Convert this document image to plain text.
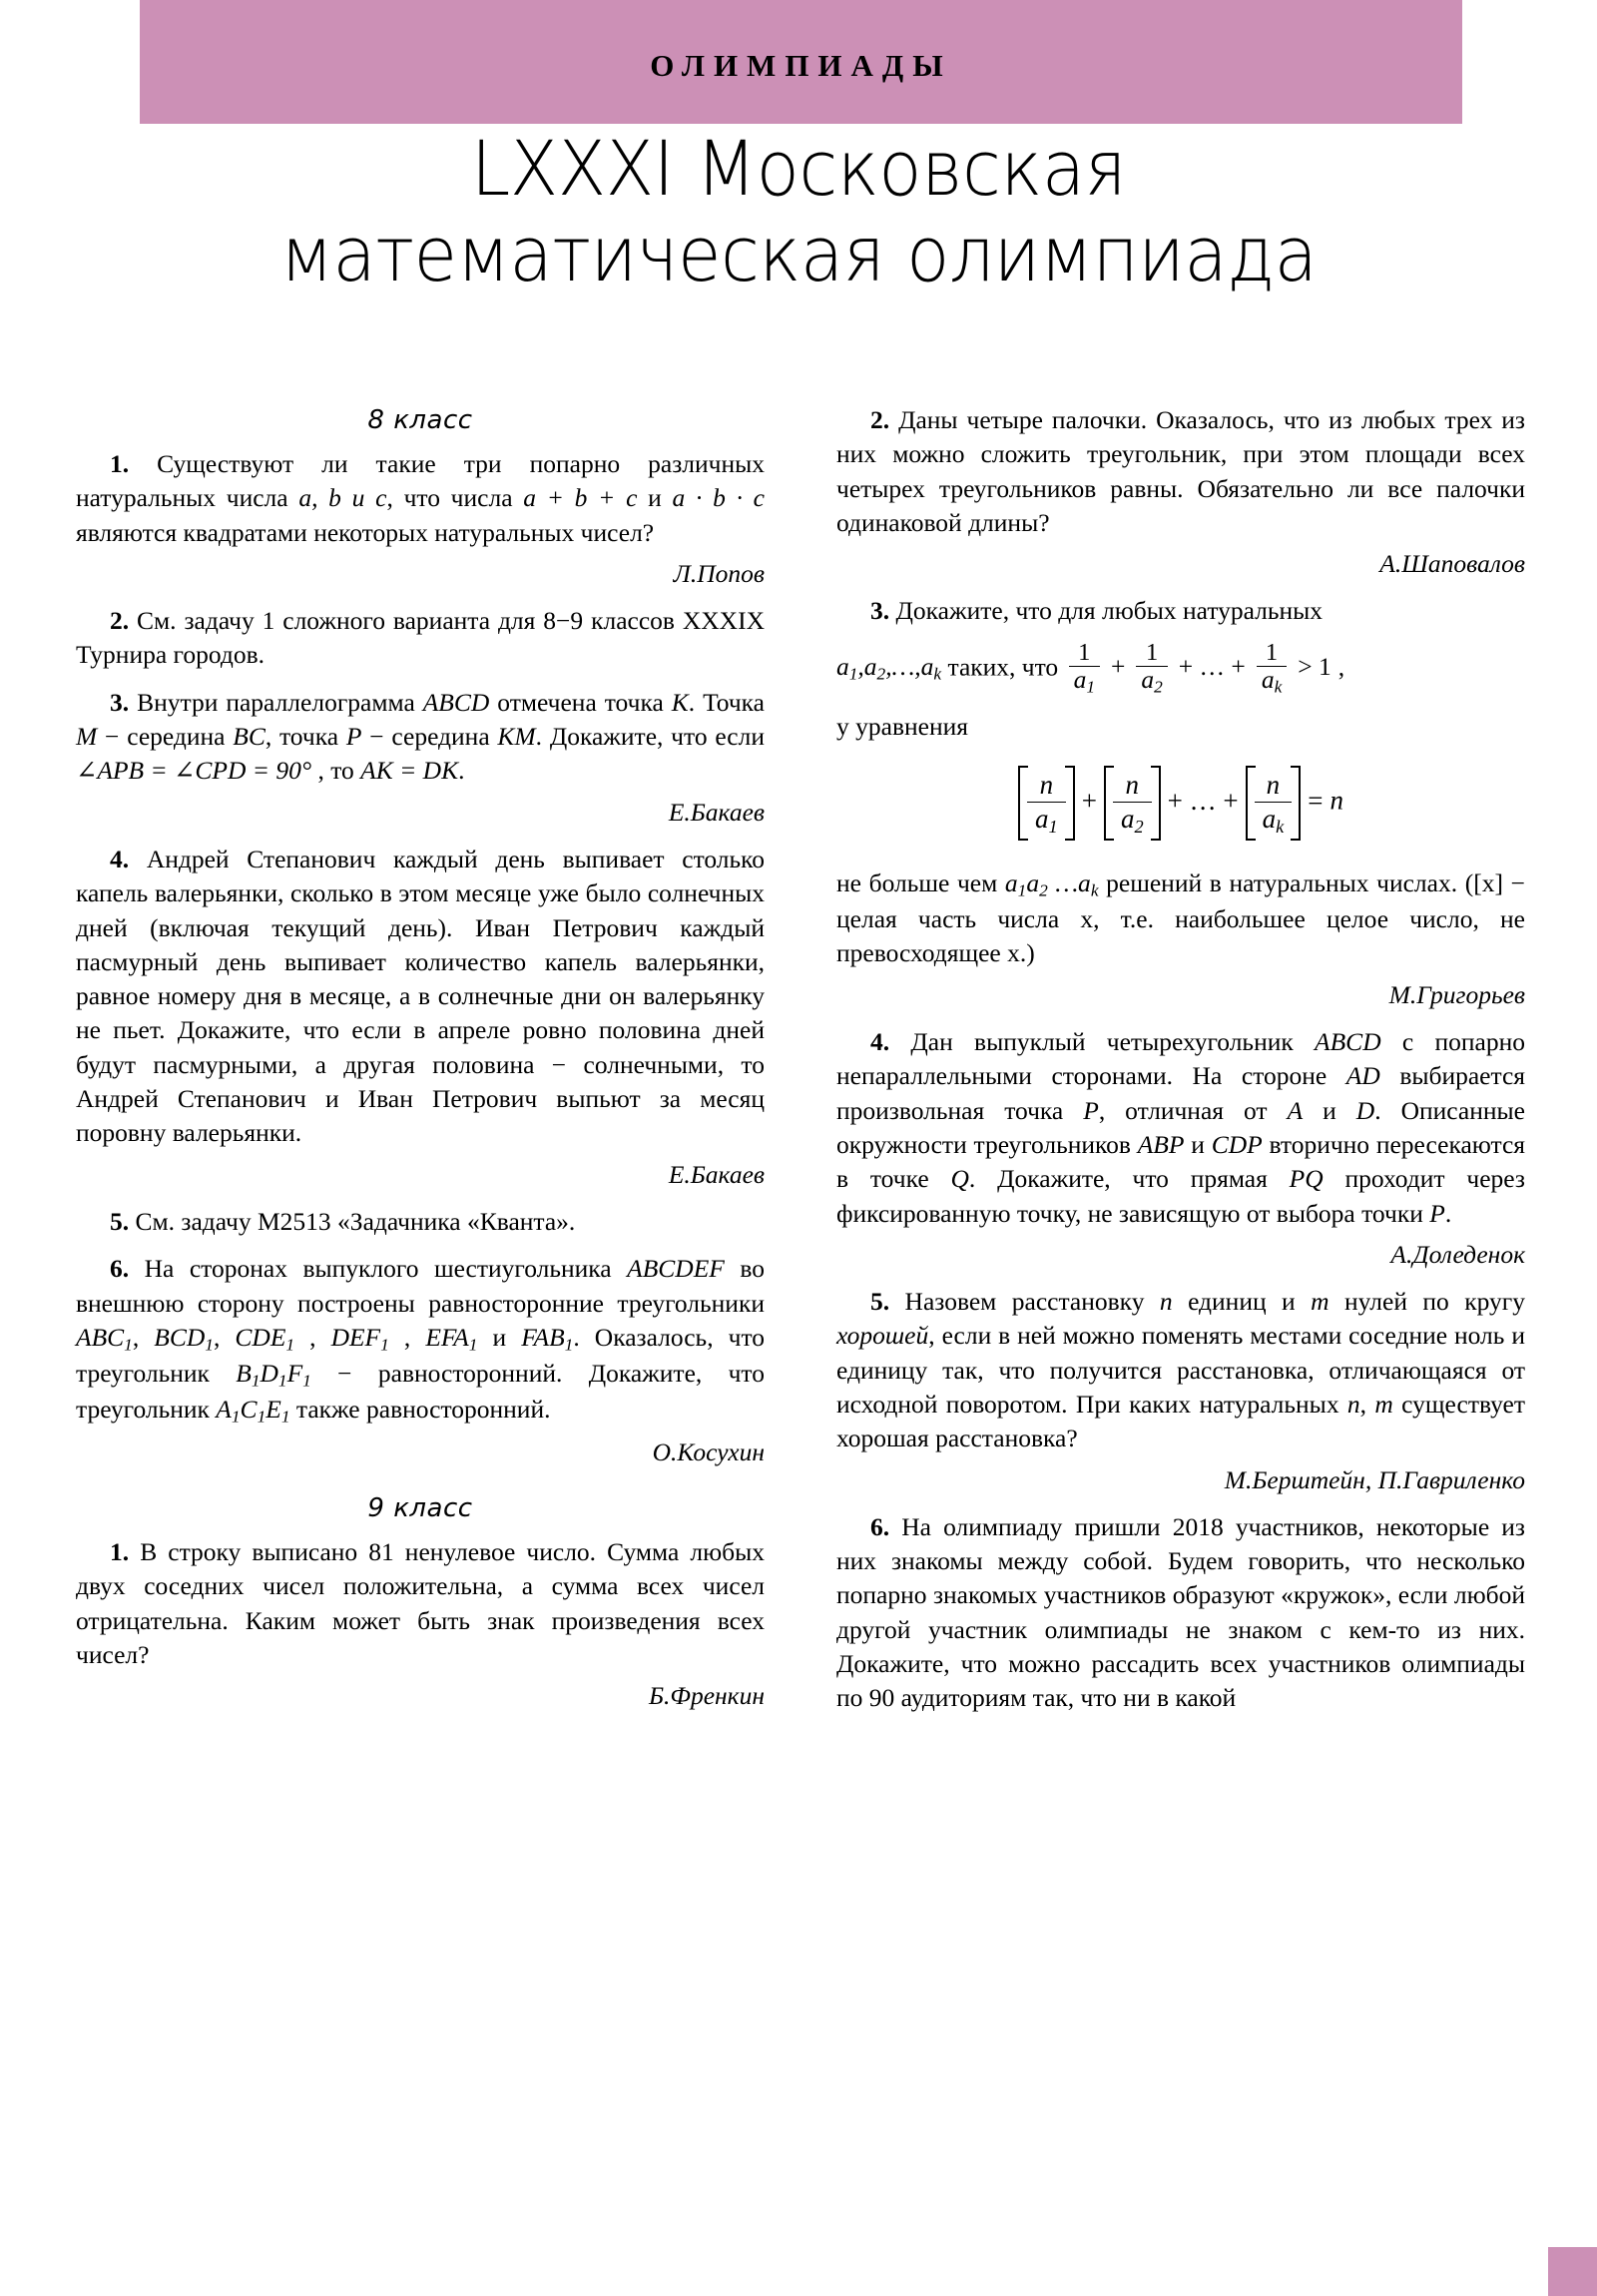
ОЛИМПИАДЫ
LXXXI Московская
математическая олимпиада
8 класс

1. Существуют ли такие три попарно различных натуральных числа a, b и c, что числа a + b + c и a · b · c являются квадратами некоторых натуральных чисел?

Л.Попов

2. См. задачу 1 сложного варианта для 8−9 классов XXXIX Турнира городов.

3. Внутри параллелограмма ABCD отмечена точка K. Точка M − середина BC, точка P − середина KM. Докажите, что если ∠APB = ∠CPD = 90° , то AK = DK.

Е.Бакаев

4. Андрей Степанович каждый день выпивает столько капель валерьянки, сколько в этом месяце уже было солнечных дней (включая текущий день). Иван Петрович каждый пасмурный день выпивает количество капель валерьянки, равное номеру дня в месяце, а в солнечные дни он валерьянку не пьет. Докажите, что если в апреле ровно половина дней будут пасмурными, а другая половина − солнечными, то Андрей Степанович и Иван Петрович выпьют за месяц поровну валерьянки.

Е.Бакаев

5. См. задачу М2513 «Задачника «Кванта».

6. На сторонах выпуклого шестиугольника ABCDEF во внешнюю сторону построены равносторонние треугольники $ABC_1$, $BCD_1$, $CDE_1$ , $DEF_1$ , $EFA_1$ и $FAB_1$. Оказалось, что треугольник $B_1D_1F_1$ − равносторонний. Докажите, что треугольник $A_1C_1E_1$ также равносторонний.

О.Косухин

9 класс

1. В строку выписано 81 ненулевое число. Сумма любых двух соседних чисел положительна, а сумма всех чисел отрицательна. Каким может быть знак произведения всех чисел?

Б.Френкин

2. Даны четыре палочки. Оказалось, что из любых трех из них можно сложить треугольник, при этом площади всех четырех треугольников равны. Обязательно ли все палочки одинаковой длины?

А.Шаповалов

3. Докажите, что для любых натуральных

$a_1,a_2,\dots,a_k$ таких, что $\frac{1}{a_1} + \frac{1}{a_2}$ + … + $\frac{1}{a_k} > 1$ ,

у уравнения

$\frac{n}{a_1} + \frac{n}{a_2}$ + … + $\frac{n}{a_k} = n$

не больше чем $a_1a_2$ $\dots a_k$ решений в натуральных числах. ([x] − целая часть числа x, т.е. наибольшее целое число, не превосходящее x.)

М.Григорьев

4. Дан выпуклый четырехугольник ABCD с попарно непараллельными сторонами. На стороне AD выбирается произвольная точка P, отличная от A и D. Описанные окружности треугольников ABP и CDP вторично пересекаются в точке Q. Докажите, что прямая PQ проходит через фиксированную точку, не зависящую от выбора точки P.

А.Доледенок

5. Назовем расстановку n единиц и m нулей по кругу хорошей, если в ней можно поменять местами соседние ноль и единицу так, что получится расстановка, отличающаяся от исходной поворотом. При каких натуральных n, m существует хорошая расстановка?

М.Берштейн, П.Гавриленко

6. На олимпиаду пришли 2018 участников, некоторые из них знакомы между собой. Будем говорить, что несколько попарно знакомых участников образуют «кружок», если любой другой участник олимпиады не знаком с кем-то из них. Докажите, что можно рассадить всех участников олимпиады по 90 аудиториям так, что ни в какой
